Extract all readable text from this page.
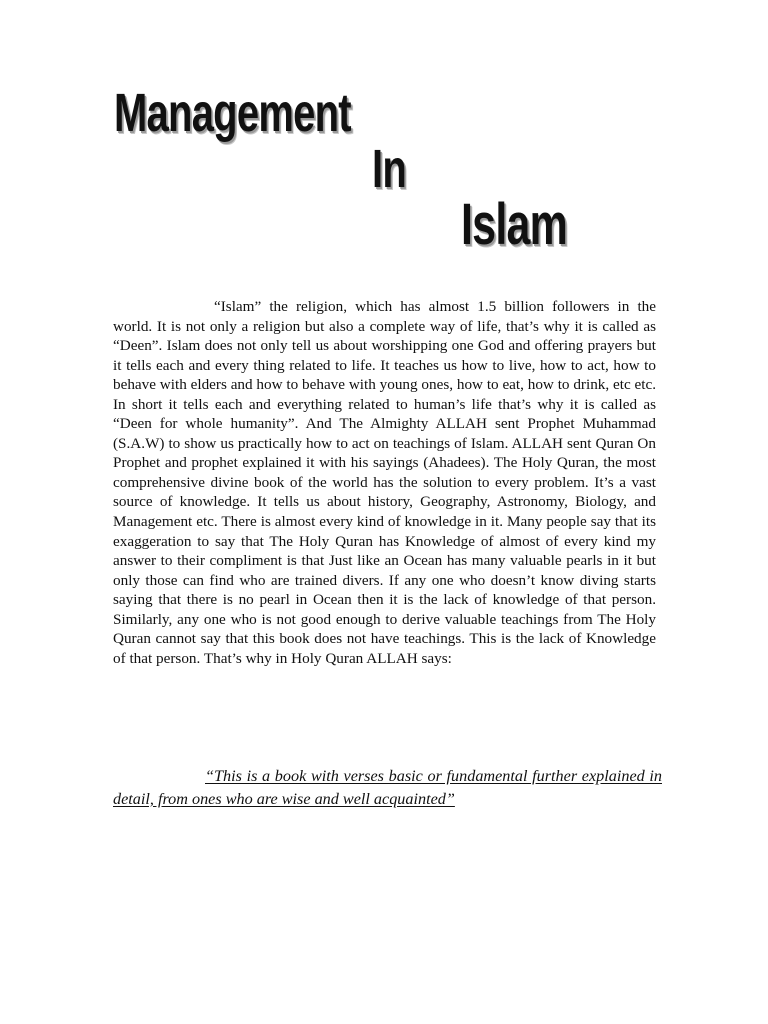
Management
In
Islam

“Islam” the religion, which has almost 1.5 billion followers in the world. It is not only a religion but also a complete way of life, that’s why it is called as “Deen”. Islam does not only tell us about worshipping one God and offering prayers but it tells each and every thing related to life. It teaches us how to live, how to act, how to behave with elders and how to behave with young ones, how to eat, how to drink, etc etc. In short it tells each and everything related to human’s life that’s why it is called as “Deen for whole humanity”. And The Almighty ALLAH sent Prophet Muhammad (S.A.W) to show us practically how to act on teachings of Islam. ALLAH sent Quran On Prophet and prophet explained it with his sayings (Ahadees). The Holy Quran, the most comprehensive divine book of the world has the solution to every problem. It’s a vast source of knowledge. It tells us about history, Geography, Astronomy, Biology, and Management etc. There is almost every kind of knowledge in it. Many people say that its exaggeration to say that The Holy Quran has Knowledge of almost of every kind my answer to their compliment is that Just like an Ocean has many valuable pearls in it but only those can find who are trained divers. If any one who doesn’t know diving starts saying that there is no pearl in Ocean then it is the lack of knowledge of that person. Similarly, any one who is not good enough to derive valuable teachings from The Holy Quran cannot say that this book does not have teachings. This is the lack of Knowledge of that person. That’s why in Holy Quran ALLAH says:

“This is a book with verses basic or fundamental further explained in detail, from ones who are wise and well acquainted”
